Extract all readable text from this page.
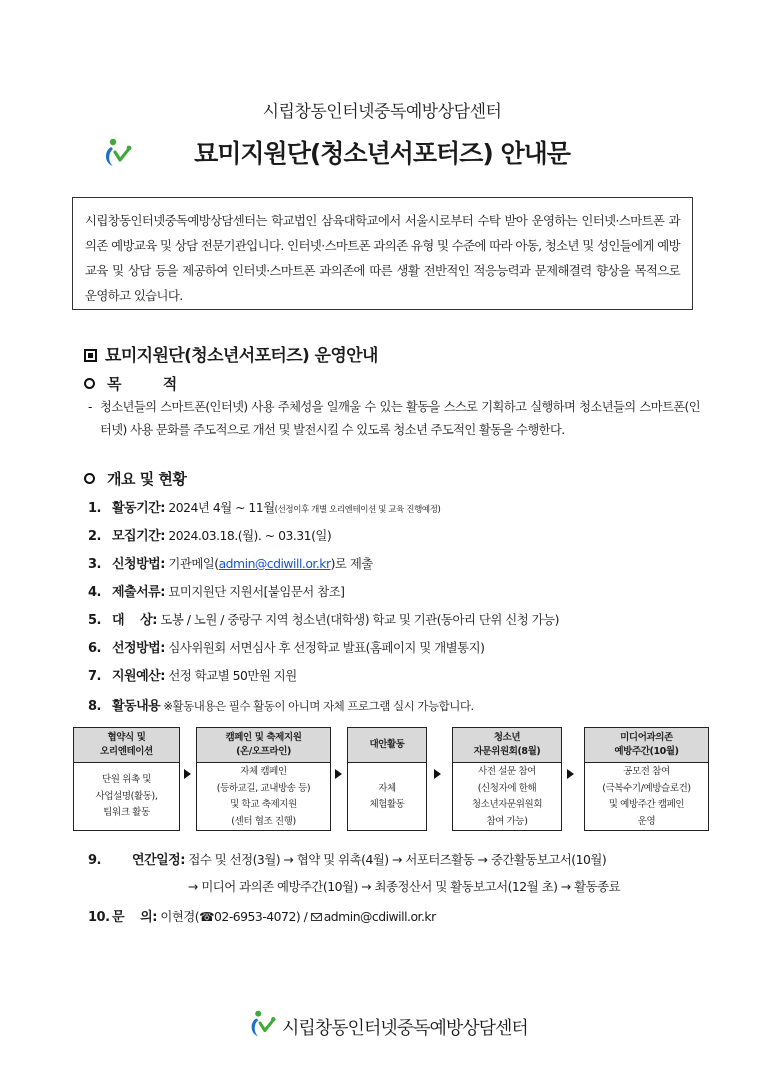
시립창동인터넷중독예방상담센터
묘미지원단(청소년서포터즈) 안내문
시립창동인터넷중독예방상담센터는 학교법인 삼육대학교에서 서울시로부터 수탁 받아 운영하는 인터넷·스마트폰 과의존 예방교육 및 상담 전문기관입니다. 인터넷·스마트폰 과의존 유형 및 수준에 따라 아동, 청소년 및 성인들에게 예방교육 및 상담 등을 제공하여 인터넷·스마트폰 과의존에 따른 생활 전반적인 적응능력과 문제해결력 향상을 목적으로 운영하고 있습니다.
묘미지원단(청소년서포터즈) 운영안내
목 적
- 청소년들의 스마트폰(인터넷) 사용 주체성을 일깨울 수 있는 활동을 스스로 기획하고 실행하며 청소년들의 스마트폰(인터넷) 사용 문화를 주도적으로 개선 및 발전시킬 수 있도록 청소년 주도적인 활동을 수행한다.
개요 및 현황
1. 활동기간: 2024년 4월 ~ 11월(선정이후 개별 오리엔테이션 및 교육 진행예정)
2. 모집기간: 2024.03.18.(월). ~ 03.31(일)
3. 신청방법: 기관메일(admin@cdiwill.or.kr)로 제출
4. 제출서류: 묘미지원단 지원서[붙임문서 참조]
5. 대    상: 도봉 / 노원 / 중랑구 지역 청소년(대학생) 학교 및 기관(동아리 단위 신청 가능)
6. 선정방법: 심사위원회 서면심사 후 선정학교 발표(홈페이지 및 개별통지)
7. 지원예산: 선정 학교별 50만원 지원
8. 활동내용 ※활동내용은 필수 활동이 아니며 자체 프로그램 실시 가능합니다.
협약식 및
오리엔테이션
단원 위촉 및
사업설명(활동),
팀워크 활동
캠페인 및 축제지원
(온/오프라인)
자체 캠페인
(등하교길, 교내방송 등)
및 학교 축제지원
(센터 협조 진행)
대안활동
자체
체험활동
청소년
자문위원회(8월)
사전 설문 참여
(신청자에 한해
청소년자문위원회
참여 가능)
미디어과의존
예방주간(10월)
공모전 참여
(극복수기/예방슬로건)
및 예방주간 캠페인
운영
9. 연간일정: 접수 및 선정(3월) → 협약 및 위촉(4월) → 서포터즈활동 → 중간활동보고서(10월)
→ 미디어 과의존 예방주간(10월) → 최종정산서 및 활동보고서(12월 초) → 활동종료
10. 문    의: 이현경(☎02-6953-4072) / admin@cdiwill.or.kr
시립창동인터넷중독예방상담센터
